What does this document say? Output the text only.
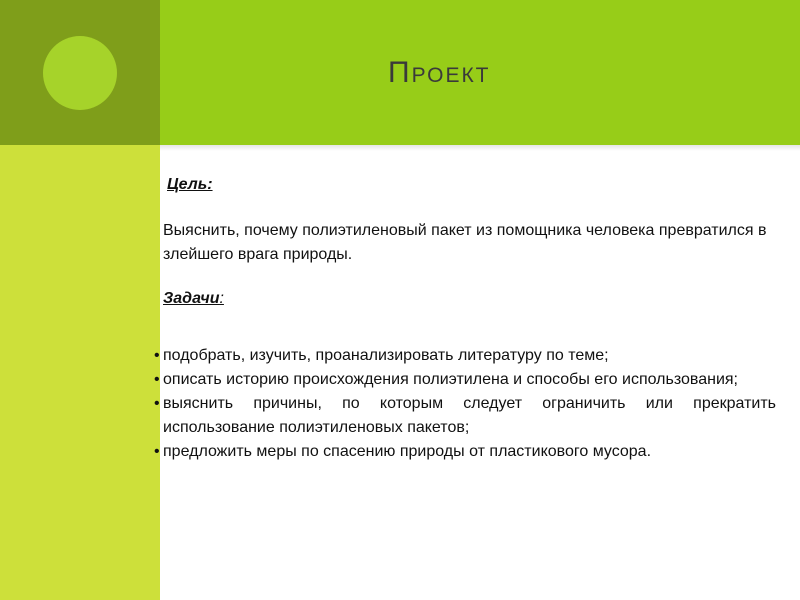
Проект
Цель:
Выяснить, почему полиэтиленовый пакет из помощника человека превратился в злейшего врага природы.
Задачи:
• подобрать, изучить, проанализировать литературу по теме;
• описать историю происхождения полиэтилена и способы его использования;
• выяснить причины, по которым следует ограничить или прекратить использование полиэтиленовых пакетов;
• предложить меры по спасению природы от пластикового мусора.
